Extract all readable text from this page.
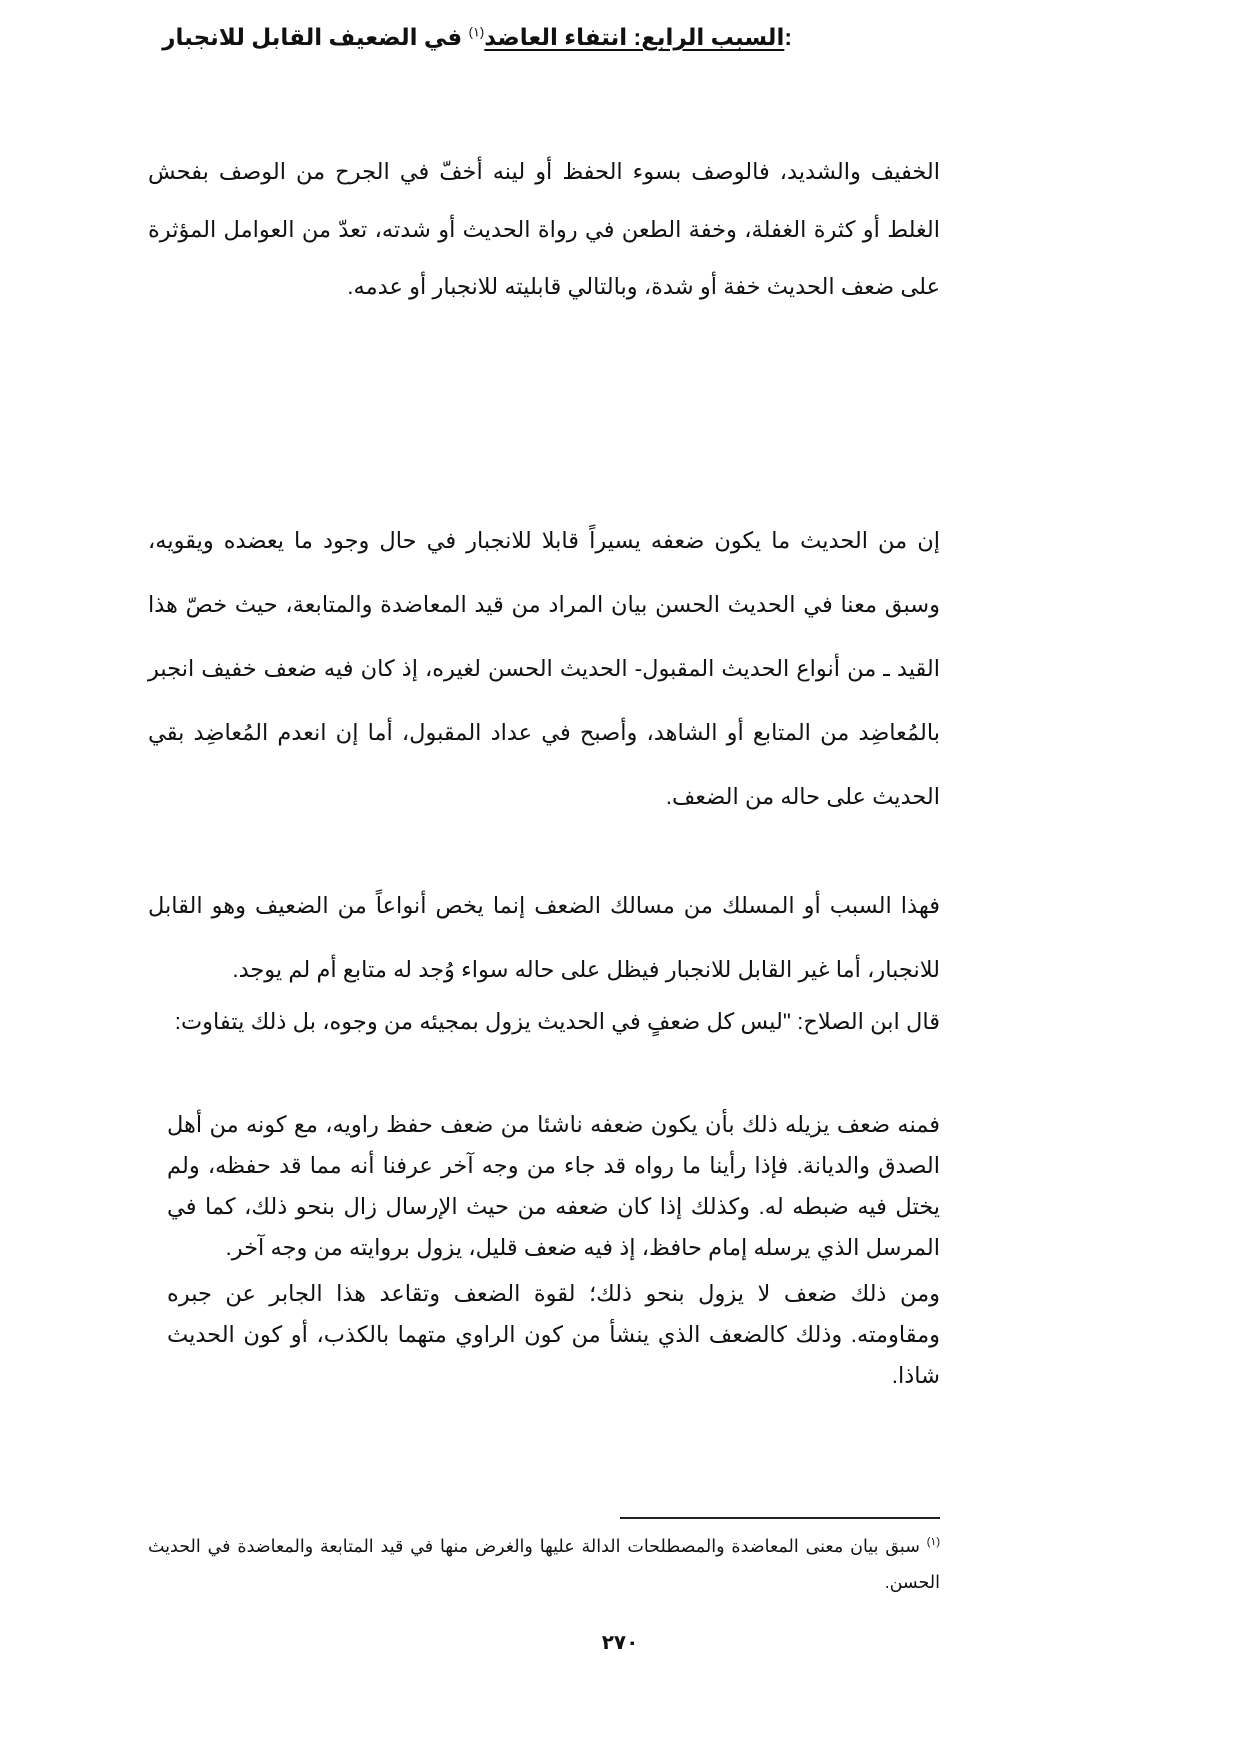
الخفيف والشديد، فالوصف بسوء الحفظ أو لينه أخفّ في الجرح من الوصف بفحش الغلط أو كثرة الغفلة، وخفة الطعن في رواة الحديث أو شدته، تعدّ من العوامل المؤثرة على ضعف الحديث خفة أو شدة، وبالتالي قابليته للانجبار أو عدمه.

السبب الرابع: انتفاء العاضد$^{(١)}$ في الضعيف القابل للانجبار:

إن من الحديث ما يكون ضعفه يسيراً قابلا للانجبار في حال وجود ما يعضده ويقويه، وسبق معنا في الحديث الحسن بيان المراد من قيد المعاضدة والمتابعة، حيث خصّ هذا القيد ـ من أنواع الحديث المقبول- الحديث الحسن لغيره، إذ كان فيه ضعف خفيف انجبر بالمُعاضِد من المتابع أو الشاهد، وأصبح في عداد المقبول، أما إن انعدم المُعاضِد بقي الحديث على حاله من الضعف.

فهذا السبب أو المسلك من مسالك الضعف إنما يخص أنواعاً من الضعيف وهو القابل للانجبار، أما غير القابل للانجبار فيظل على حاله سواء وُجد له متابع أم لم يوجد.

قال ابن الصلاح: "ليس كل ضعفٍ في الحديث يزول بمجيئه من وجوه، بل ذلك يتفاوت:

فمنه ضعف يزيله ذلك بأن يكون ضعفه ناشئا من ضعف حفظ راويه، مع كونه من أهل الصدق والديانة. فإذا رأينا ما رواه قد جاء من وجه آخر عرفنا أنه مما قد حفظه، ولم يختل فيه ضبطه له. وكذلك إذا كان ضعفه من حيث الإرسال زال بنحو ذلك، كما في المرسل الذي يرسله إمام حافظ، إذ فيه ضعف قليل، يزول بروايته من وجه آخر.

ومن ذلك ضعف لا يزول بنحو ذلك؛ لقوة الضعف وتقاعد هذا الجابر عن جبره ومقاومته. وذلك كالضعف الذي ينشأ من كون الراوي متهما بالكذب، أو كون الحديث شاذا.

$^{(١)}$ سبق بيان معنى المعاضدة والمصطلحات الدالة عليها والغرض منها في قيد المتابعة والمعاضدة في الحديث الحسن.

٢٧٠
